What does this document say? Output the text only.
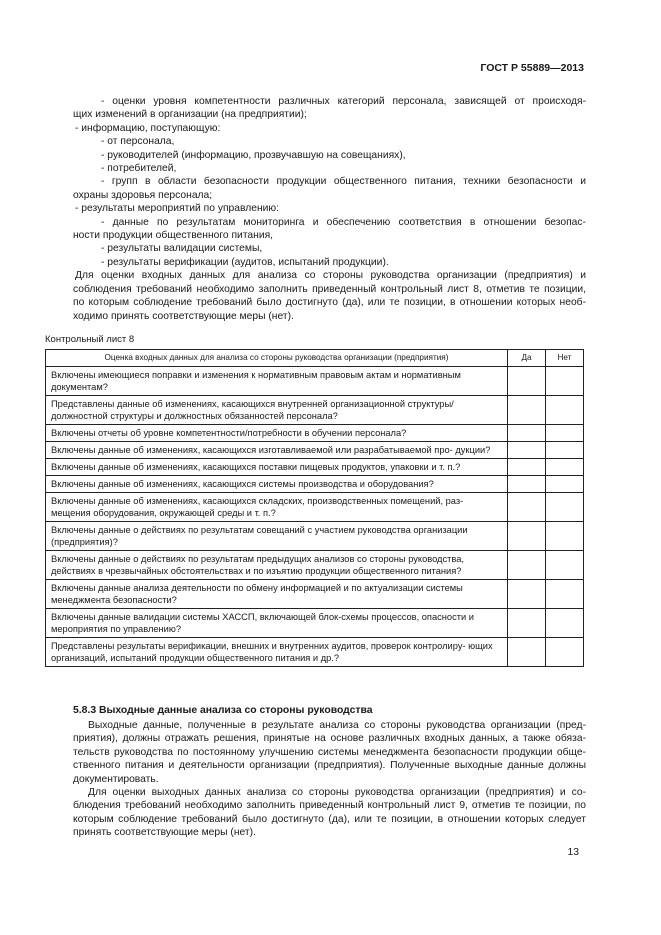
ГОСТ Р 55889—2013
- оценки уровня компетентности различных категорий персонала, зависящей от происходя-
щих изменений в организации (на предприятии);
- информацию, поступающую:
- от персонала,
- руководителей (информацию, прозвучавшую на совещаниях),
- потребителей,
- групп в области безопасности продукции общественного питания, техники безопасности и
охраны здоровья персонала;
- результаты мероприятий по управлению:
- данные по результатам мониторинга и обеспечению соответствия в отношении безопас-
ности продукции общественного питания,
- результаты валидации системы,
- результаты верификации (аудитов, испытаний продукции).
Для оценки входных данных для анализа со стороны руководства организации (предприятия) и
соблюдения требований необходимо заполнить приведенный контрольный лист 8, отметив те позиции,
по которым соблюдение требований было достигнуто (да), или те позиции, в отношении которых необ-
ходимо принять соответствующие меры (нет).
Контрольный лист 8
Оценка входных данных для анализа со стороны руководства организации (предприятия)	Да	Нет
Включены имеющиеся поправки и изменения к нормативным правовым актам и нормативным документам?		
Представлены данные об изменениях, касающихся внутренней организационной структуры/ должностной структуры и должностных обязанностей персонала?		
Включены отчеты об уровне компетентности/потребности в обучении персонала?		
Включены данные об изменениях, касающихся изготавливаемой или разрабатываемой про- дукции?		
Включены данные об изменениях, касающихся поставки пищевых продуктов, упаковки и т. п.?		
Включены данные об изменениях, касающихся системы производства и оборудования?		
Включены данные об изменениях, касающихся складских, производственных помещений, раз- мещения оборудования, окружающей среды и т. п.?		
Включены данные о действиях по результатам совещаний с участием руководства организации (предприятия)?		
Включены данные о действиях по результатам предыдущих анализов со стороны руководства, действиях в чрезвычайных обстоятельствах и по изъятию продукции общественного питания?		
Включены данные анализа деятельности по обмену информацией и по актуализации системы менеджмента безопасности?		
Включены данные валидации системы ХАССП, включающей блок-схемы процессов, опасности и мероприятия по управлению?		
Представлены результаты верификации, внешних и внутренних аудитов, проверок контролиру- ющих организаций, испытаний продукции общественного питания и др.?		
5.8.3 Выходные данные анализа со стороны руководства
Выходные данные, полученные в результате анализа со стороны руководства организации (пред-
приятия), должны отражать решения, принятые на основе различных входных данных, а также обяза-
тельств руководства по постоянному улучшению системы менеджмента безопасности продукции обще-
ственного питания и деятельности организации (предприятия). Полученные выходные данные должны
документировать.
Для оценки выходных данных анализа со стороны руководства организации (предприятия) и со-
блюдения требований необходимо заполнить приведенный контрольный лист 9, отметив те позиции, по
которым соблюдение требований было достигнуто (да), или те позиции, в отношении которых следует
принять соответствующие меры (нет).
13
